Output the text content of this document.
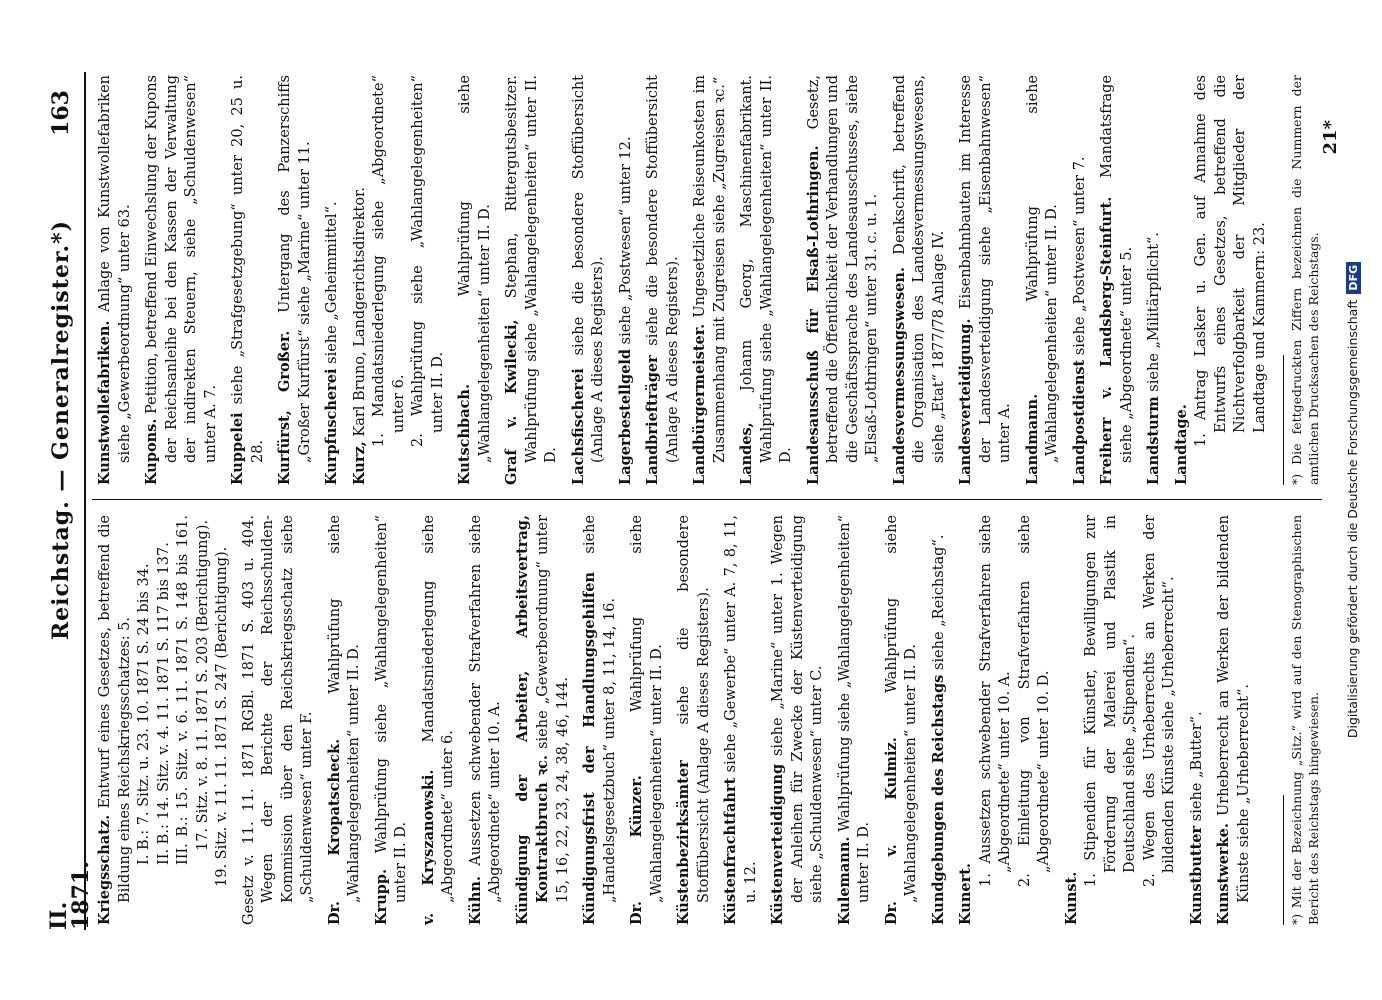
II.
1871.
Reichstag. — Generalregister.*)
163
Kriegsschatz. Entwurf eines Gesetzes, betreffend die Bildung eines Reichskriegsschatzes: 5. I. B.: 7. Sitz. u. 23. 10. 1871 S. 24 bis 34. II. B.: 14. Sitz. v. 4. 11. 1871 S. 117 bis 137. III. B.: 15. Sitz. v. 6. 11. 1871 S. 148 bis 161. 17. Sitz. v. 8. 11. 1871 S. 203 (Berichtigung). 19. Sitz. v. 11. 11. 1871 S. 247 (Berichtigung). Gesetz v. 11. 11. 1871 RGBl. 1871 S. 403 u. 404. Wegen der Berichte der Reichsschulden-Kommission über den Reichskriegsschatz siehe „Schuldenwesen“ unter F. Dr. Kropatscheck. Wahlprüfung siehe „Wahlangelegenheiten“ unter II. D. Krupp. Wahlprüfung siehe „Wahlangelegenheiten“ unter II. D. v. Kryszanowski. Mandatsniederlegung siehe „Abgeordnete“ unter 6. Kühn. Aussetzen schwebender Strafverfahren siehe „Abgeordnete“ unter 10. A. Kündigung der Arbeiter, Arbeitsvertrag, Kontraktbruch ꝛc. siehe „Gewerbeordnung“ unter 15, 16, 22, 23, 24, 38, 46, 144. Kündigungsfrist der Handlungsgehilfen siehe „Handelsgesetzbuch“ unter 8, 11, 14, 16. Dr. Künzer. Wahlprüfung siehe „Wahlangelegenheiten“ unter II. D. Küstenbezirksämter siehe die besondere Stoffübersicht (Anlage A dieses Registers). Küstenfrachtfahrt siehe „Gewerbe“ unter A. 7, 8, 11, u. 12. Küstenverteidigung siehe „Marine“ unter 1. Wegen der Anleihen für Zwecke der Küstenverteidigung siehe „Schuldenwesen“ unter C. Kulemann. Wahlprüfung siehe „Wahlangelegenheiten“ unter II. D. Dr. v. Kulmiz. Wahlprüfung siehe „Wahlangelegenheiten“ unter II. D. Kundgebungen des Reichstags siehe „Reichstag“.
Kunert.
1. Aussetzen schwebender Strafverfahren siehe „Abgeordnete“ unter 10. A. 2. Einleitung von Strafverfahren siehe „Abgeordnete“ unter 10. D.
Kunst.
1. Stipendien für Künstler, Bewilligungen zur Förderung der Malerei und Plastik in Deutschland siehe „Stipendien“. 2. Wegen des Urheberrechts an Werken der bildenden Künste siehe „Urheberrecht“.
Kunstbutter siehe „Butter“.
Kunstwerke. Urheberrecht an Werken der bildenden Künste siehe „Urheberrecht“.
Kunstwollefabriken. Anlage von Kunstwollefabriken siehe „Gewerbeordnung“ unter 63. Kupons. Petition, betreffend Einwechslung der Kupons der Reichsanleihe bei den Kassen der Verwaltung der indirekten Steuern, siehe „Schuldenwesen“ unter A. 7. Kuppelei siehe „Strafgesetzgebung“ unter 20, 25 u. 28. Kurfürst, Großer. Untergang des Panzerschiffs „Großer Kurfürst“ siehe „Marine“ unter 11. Kurpfuscherei siehe „Geheimmittel“.
Kurz, Karl Bruno, Landgerichtsdirektor. 1. Mandatsniederlegung siehe „Abgeordnete“ unter 6. 2. Wahlprüfung siehe „Wahlangelegenheiten“ unter II. D. Kutschbach. Wahlprüfung siehe „Wahlangelegenheiten“ unter II. D. Graf v. Kwilecki, Stephan, Rittergutsbesitzer. Wahlprüfung siehe „Wahlangelegenheiten“ unter II. D. Lachsfischerei siehe die besondere Stoffübersicht (Anlage A dieses Registers). Lagerbestellgeld siehe „Postwesen“ unter 12.
Landbriefträger siehe die besondere Stoffübersicht (Anlage A dieses Registers). Landbürgermeister. Ungesetzliche Reiseunkosten im Zusammenhang mit Zugreisen siehe „Zugreisen ꝛc.“ Landes, Johann Georg, Maschinenfabrikant. Wahlprüfung siehe „Wahlangelegenheiten“ unter II. D. Landesausschuß für Elsaß-Lothringen. Gesetz, betreffend die Öffentlichkeit der Verhandlungen und die Geschäftssprache des Landesausschusses, siehe „Elsaß-Lothringen“ unter 31. c. u. 1. Landesvermessungswesen. Denkschrift, betreffend die Organisation des Landesvermessungswesens, siehe „Etat“ 1877/78 Anlage IV. Landesverteidigung. Eisenbahnbauten im Interesse der Landesverteidigung siehe „Eisenbahnwesen“ unter A. Landmann. Wahlprüfung siehe „Wahlangelegenheiten“ unter II. D. Landpostdienst siehe „Postwesen“ unter 7. Freiherr v. Landsberg-Steinfurt. Mandatsfrage siehe „Abgeordnete“ unter 5. Landsturm siehe „Militärpflicht“.
Landtage. 1. Antrag Lasker u. Gen. auf Annahme des Entwurfs eines Gesetzes, betreffend die Nichtverfolgbarkeit der Mitglieder der Landtage und Kammern: 23.
*) Mit der Bezeichnung „Sitz.“ wird auf den Stenographischen Bericht des Reichstags hingewiesen.
*) Die fettgedruckten Ziffern bezeichnen die Nummern der amtlichen Drucksachen des Reichstags.
21*
Digitalisierung gefördert durch die Deutsche ForschungsgemeinschaftDFG
